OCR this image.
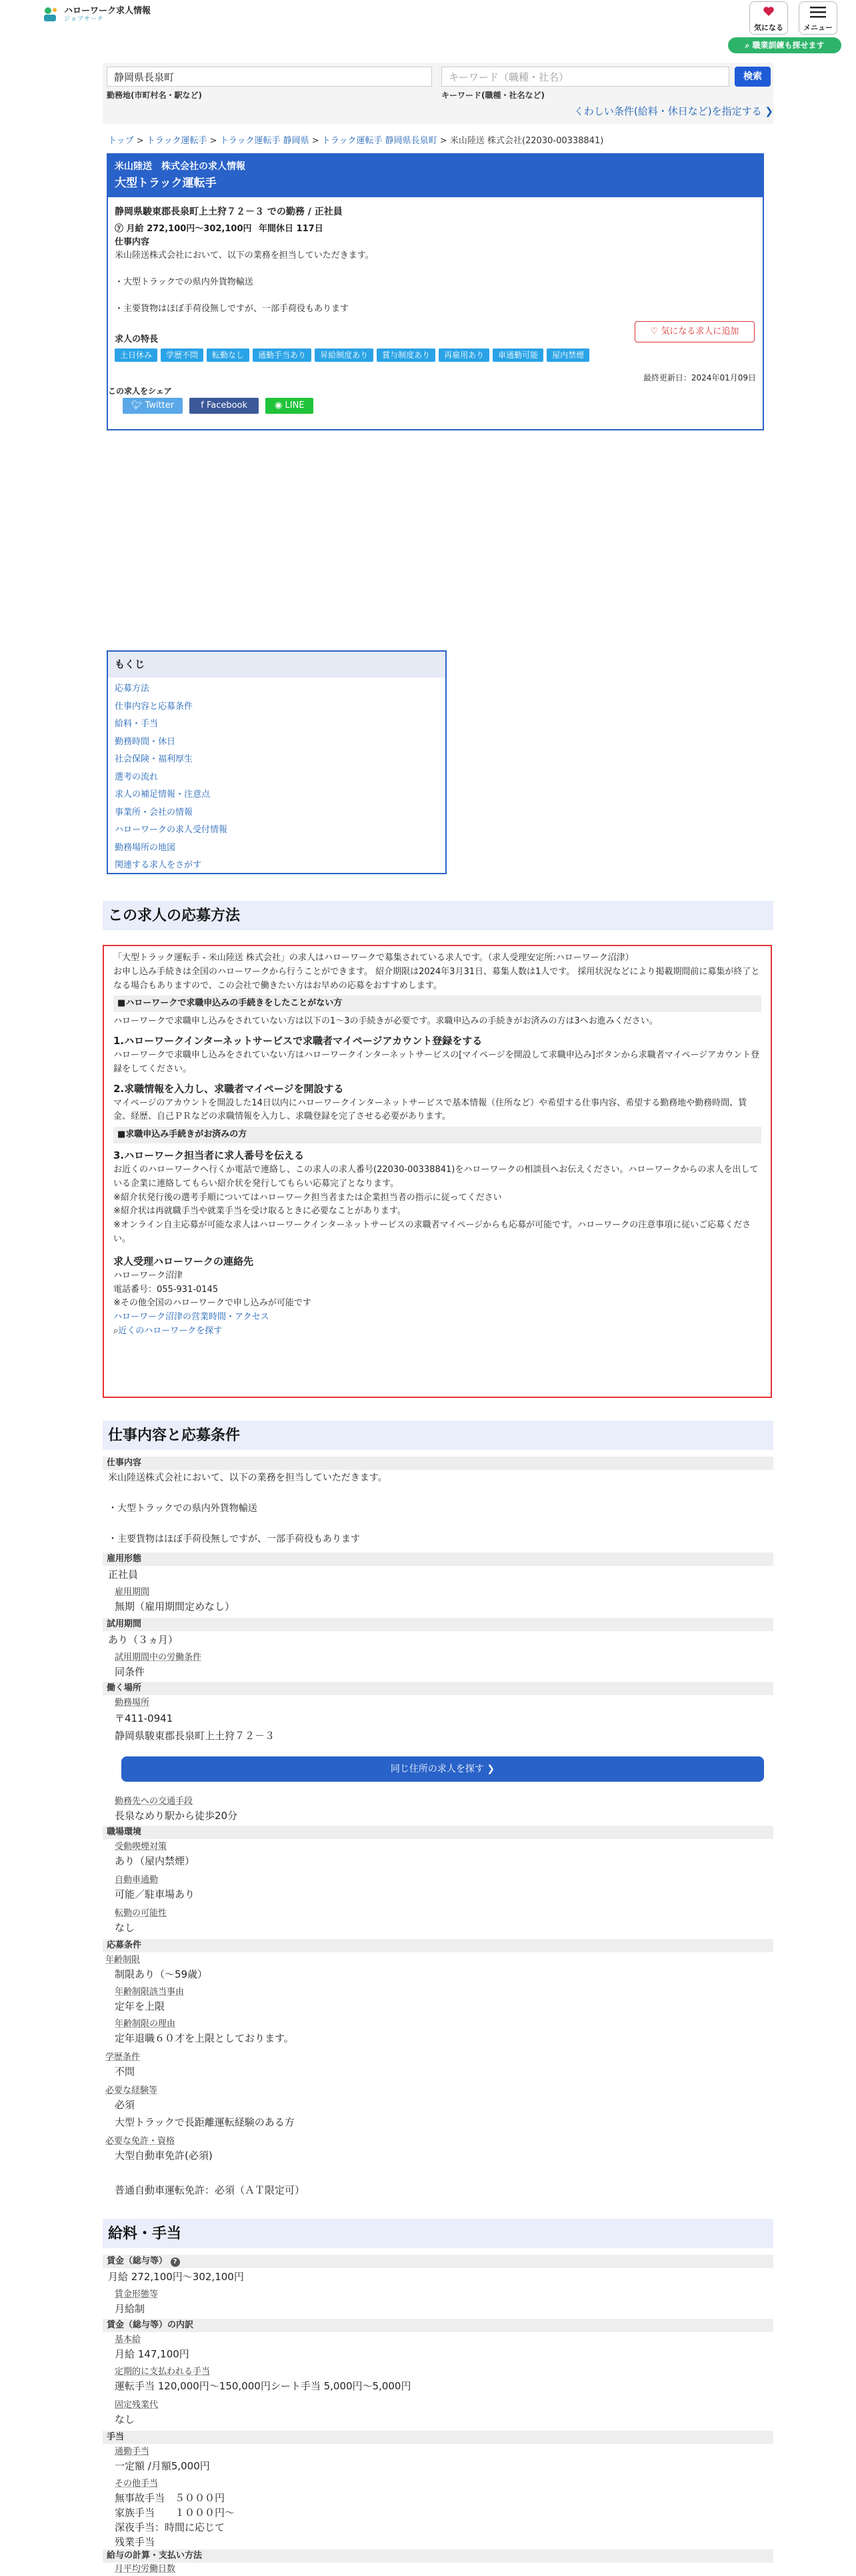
ハローワーク求人情報
ジョブサーチ
気になる	メニュー
⌕ 職業訓練も探せます
静岡県長泉町	キーワード（職種・社名）	検索
勤務地(市町村名・駅など)	キーワード(職種・社名など)
くわしい条件(給料・休日など)を指定する ❯
トップ > トラック運転手 > トラック運転手 静岡県 > トラック運転手 静岡県長泉町 > 米山陸送 株式会社(22030-00338841)
米山陸送　株式会社の求人情報
大型トラック運転手
静岡県駿東郡長泉町上土狩７２－３ での勤務 / 正社員
ⓨ 月給 272,100円〜302,100円 年間休日 117日
仕事内容
米山陸送株式会社において、以下の業務を担当していただきます。
・大型トラックでの県内外貨物輸送
・主要貨物はほぼ手荷役無しですが、一部手荷役もあります
求人の特長
土日休み 学歴不問 転勤なし 通勤手当あり 昇給制度あり 賞与制度あり 再雇用あり 車通勤可能 屋内禁煙
最終更新日：2024年01月09日
この求人をシェア
🐦︎ Twitter	f Facebook	◉ LINE
♡ 気になる求人に追加
もくじ
応募方法
仕事内容と応募条件
給料・手当
勤務時間・休日
社会保険・福利厚生
選考の流れ
求人の補足情報・注意点
事業所・会社の情報
ハローワークの求人受付情報
勤務場所の地図
関連する求人をさがす
この求人の応募方法
「大型トラック運転手 - 米山陸送 株式会社」の求人はハローワークで募集されている求人です。（求人受理安定所:ハローワーク沼津）
お申し込み手続きは全国のハローワークから行うことができます。 紹介期限は2024年3月31日、募集人数は1人です。 採用状況などにより掲載期間前に募集が終了となる場合もありますので、この会社で働きたい方はお早めの応募をおすすめします。
■ハローワークで求職申込みの手続きをしたことがない方
ハローワークで求職申し込みをされていない方は以下の1〜3の手続きが必要です。求職申込みの手続きがお済みの方は3へお進みください。
1.ハローワークインターネットサービスで求職者マイページアカウント登録をする
ハローワークで求職申し込みをされていない方はハローワークインターネットサービスの[マイページを開設して求職申込み]ボタンから求職者マイページアカウント登録をしてください。
2.求職情報を入力し、求職者マイページを開設する
マイページのアカウントを開設した14日以内にハローワークインターネットサービスで基本情報（住所など）や希望する仕事内容、希望する勤務地や勤務時間、賃金、経歴、自己ＰＲなどの求職情報を入力し、求職登録を完了させる必要があります。
■求職申込み手続きがお済みの方
3.ハローワーク担当者に求人番号を伝える
お近くのハローワークへ行くか電話で連絡し、この求人の求人番号(22030-00338841)をハローワークの相談員へお伝えください。ハローワークからの求人を出している企業に連絡してもらい紹介状を発行してもらい応募完了となります。
※紹介状発行後の選考手順についてはハローワーク担当者または企業担当者の指示に従ってください
※紹介状は再就職手当や就業手当を受け取るときに必要なことがあります。
※オンライン自主応募が可能な求人はハローワークインターネットサービスの求職者マイページからも応募が可能です。ハローワークの注意事項に従いご応募ください。
求人受理ハローワークの連絡先
ハローワーク沼津
電話番号：055-931-0145
※その他全国のハローワークで申し込みが可能です
ハローワーク沼津の営業時間・アクセス
⌕近くのハローワークを探す
仕事内容と応募条件
仕事内容
米山陸送株式会社において、以下の業務を担当していただきます。
・大型トラックでの県内外貨物輸送
・主要貨物はほぼ手荷役無しですが、一部手荷役もあります
雇用形態
正社員
雇用期間
無期（雇用期間定めなし）
試用期間
あり（３ヵ月）
試用期間中の労働条件
同条件
働く場所
勤務場所
〒411-0941
静岡県駿東郡長泉町上土狩７２－３
同じ住所の求人を探す ❯
勤務先への交通手段
長泉なめり駅から徒歩20分
職場環境
受動喫煙対策
あり（屋内禁煙）
自動車通勤
可能／駐車場あり
転勤の可能性
なし
応募条件
年齢制限
制限あり（〜59歳）
年齢制限該当事由
定年を上限
年齢制限の理由
定年退職６０才を上限としております。
学歴条件
不問
必要な経験等
必須
大型トラックで長距離運転経験のある方
必要な免許・資格
大型自動車免許(必須)
普通自動車運転免許：必須（ＡＴ限定可）
給料・手当
賃金（総与等） ?
月給 272,100円〜302,100円
賃金形態等
月給制
賃金（総与等）の内訳
基本給
月給 147,100円
定期的に支払われる手当
運転手当 120,000円〜150,000円シート手当 5,000円〜5,000円
固定残業代
なし
手当
通勤手当
一定額 /月額5,000円
その他手当
無事故手当　５０００円
家族手当　　１０００円〜
深夜手当：時間に応じて
残業手当
給与の計算・支払い方法
月平均労働日数
